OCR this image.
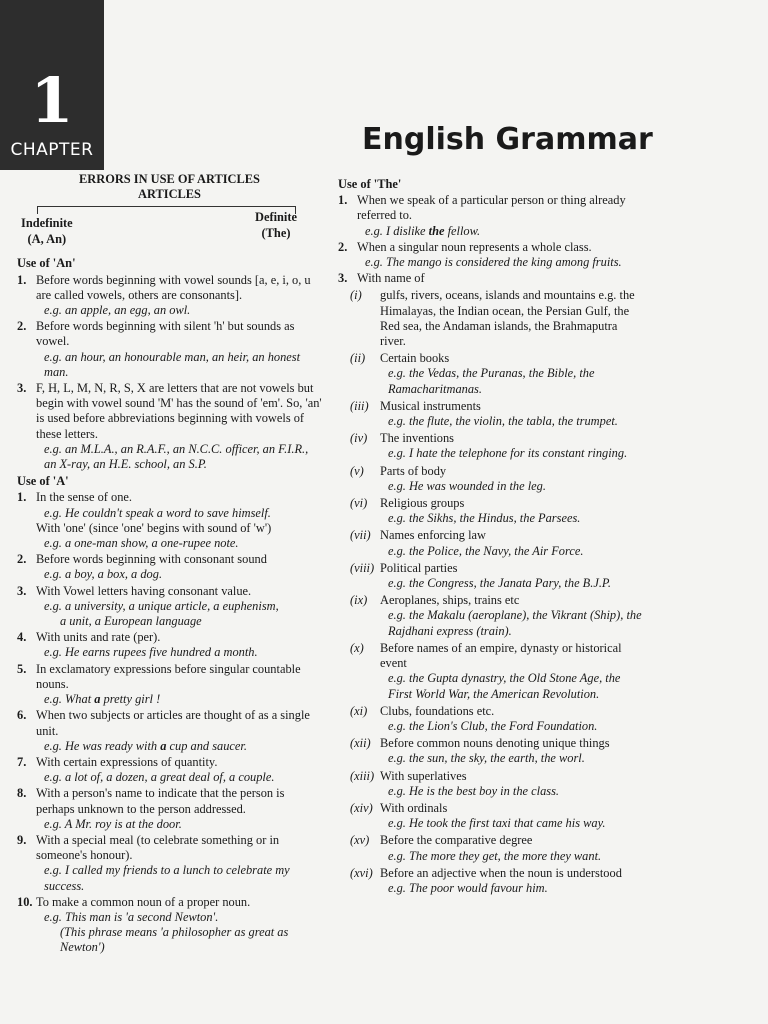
1
CHAPTER	English Grammar
ERRORS IN USE OF ARTICLES
ARTICLES
Indefinite
(A, An)
Definite
(The)
Use of 'An'
1. Before words beginning with vowel sounds [a, e, i, o, u are called vowels, others are consonants].
e.g. an apple, an egg, an owl.
2. Before words beginning with silent 'h' but sounds as vowel.
e.g. an hour, an honourable man, an heir, an honest man.
3. F, H, L, M, N, R, S, X are letters that are not vowels but begin with vowel sound 'M' has the sound of 'em'. So, 'an' is used before abbreviations beginning with vowels of these letters.
e.g. an M.L.A., an R.A.F., an N.C.C. officer, an F.I.R., an X-ray, an H.E. school, an S.P.
Use of 'A'
1. In the sense of one.
e.g. He couldn't speak a word to save himself.
With 'one' (since 'one' begins with sound of 'w')
e.g. a one-man show, a one-rupee note.
2. Before words beginning with consonant sound
e.g. a boy, a box, a dog.
3. With Vowel letters having consonant value.
e.g. a university, a unique article, a euphenism,
a unit, a European language
4. With units and rate (per).
e.g. He earns rupees five hundred a month.
5. In exclamatory expressions before singular countable nouns.
e.g. What a pretty girl !
6. When two subjects or articles are thought of as a single unit.
e.g. He was ready with a cup and saucer.
7. With certain expressions of quantity.
e.g. a lot of, a dozen, a great deal of, a couple.
8. With a person's name to indicate that the person is perhaps unknown to the person addressed.
e.g. A Mr. roy is at the door.
9. With a special meal (to celebrate something or in someone's honour).
e.g. I called my friends to a lunch to celebrate my success.
10. To make a common noun of a proper noun.
e.g. This man is 'a second Newton'.
(This phrase means 'a philosopher as great as Newton')
Use of 'The'
1. When we speak of a particular person or thing already referred to.
e.g. I dislike the fellow.
2. When a singular noun represents a whole class.
e.g. The mango is considered the king among fruits.
3. With name of
(i) gulfs, rivers, oceans, islands and mountains e.g. the Himalayas, the Indian ocean, the Persian Gulf, the Red sea, the Andaman islands, the Brahmaputra river.
(ii) Certain books
e.g. the Vedas, the Puranas, the Bible, the Ramacharitmanas.
(iii) Musical instruments
e.g. the flute, the violin, the tabla, the trumpet.
(iv) The inventions
e.g. I hate the telephone for its constant ringing.
(v) Parts of body
e.g. He was wounded in the leg.
(vi) Religious groups
e.g. the Sikhs, the Hindus, the Parsees.
(vii) Names enforcing law
e.g. the Police, the Navy, the Air Force.
(viii) Political parties
e.g. the Congress, the Janata Pary, the B.J.P.
(ix) Aeroplanes, ships, trains etc
e.g. the Makalu (aeroplane), the Vikrant (Ship), the Rajdhani express (train).
(x) Before names of an empire, dynasty or historical event
e.g. the Gupta dynastry, the Old Stone Age, the First World War, the American Revolution.
(xi) Clubs, foundations etc.
e.g. the Lion's Club, the Ford Foundation.
(xii) Before common nouns denoting unique things
e.g. the sun, the sky, the earth, the worl.
(xiii) With superlatives
e.g. He is the best boy in the class.
(xiv) With ordinals
e.g. He took the first taxi that came his way.
(xv) Before the comparative degree
e.g. The more they get, the more they want.
(xvi) Before an adjective when the noun is understood
e.g. The poor would favour him.
